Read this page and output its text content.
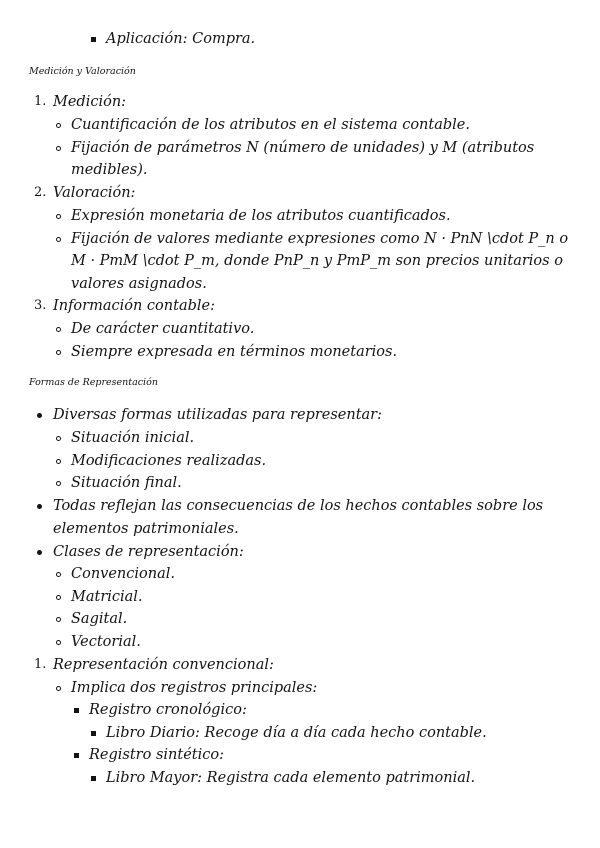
Aplicación: Compra.
Medición y Valoración
1. Medición:
Cuantificación de los atributos en el sistema contable.
Fijación de parámetros N (número de unidades) y M (atributos
medibles).
2. Valoración:
Expresión monetaria de los atributos cuantificados.
Fijación de valores mediante expresiones como N · PnN \cdot P_n o
M · PmM \cdot P_m, donde PnP_n y PmP_m son precios unitarios o
valores asignados.
3. Información contable:
De carácter cuantitativo.
Siempre expresada en términos monetarios.
Formas de Representación
Diversas formas utilizadas para representar:
Situación inicial.
Modificaciones realizadas.
Situación final.
Todas reflejan las consecuencias de los hechos contables sobre los
elementos patrimoniales.
Clases de representación:
Convencional.
Matricial.
Sagital.
Vectorial.
1. Representación convencional:
Implica dos registros principales:
Registro cronológico:
Libro Diario: Recoge día a día cada hecho contable.
Registro sintético:
Libro Mayor: Registra cada elemento patrimonial.
